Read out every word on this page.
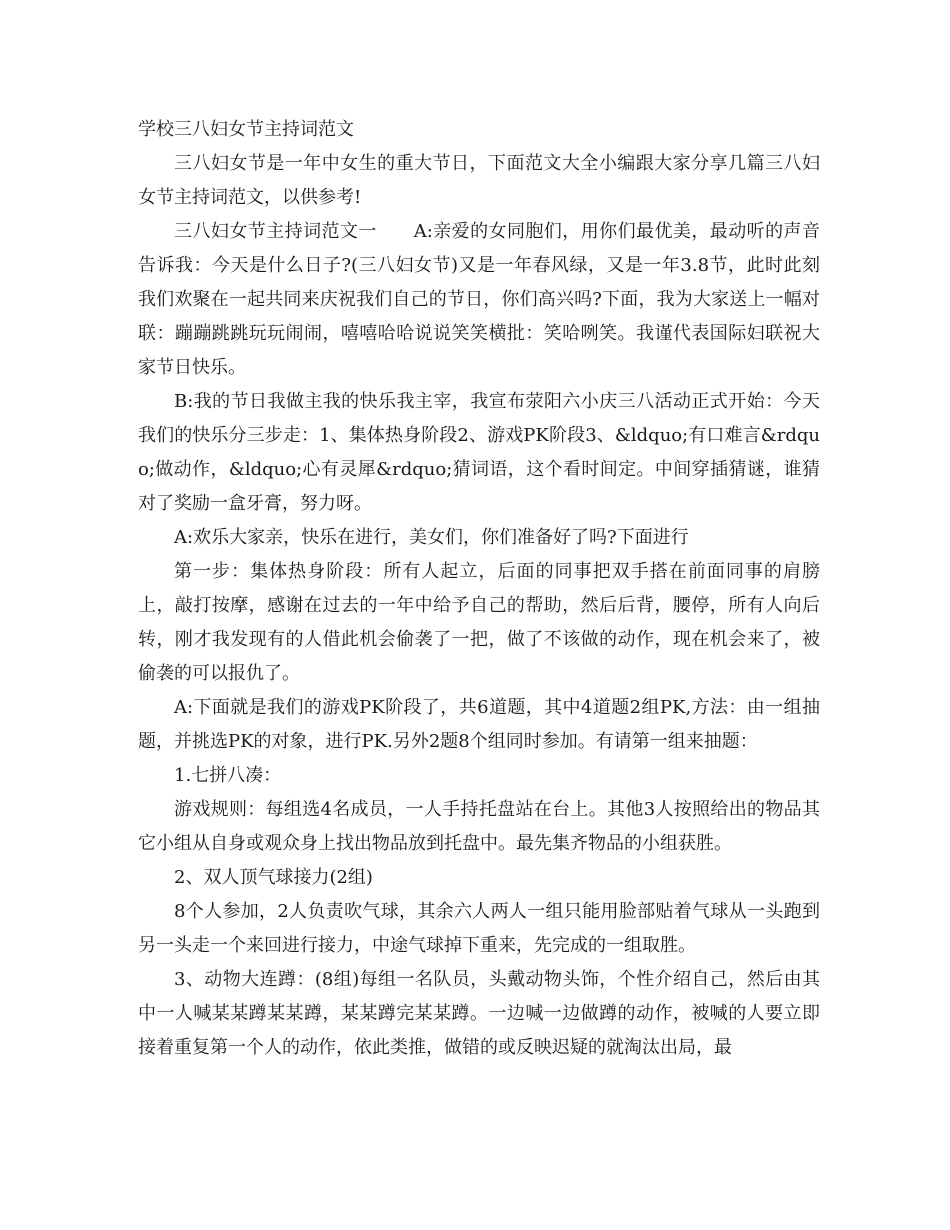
学校三八妇女节主持词范文

三八妇女节是一年中女生的重大节日，下面范文大全小编跟大家分享几篇三八妇女节主持词范文，以供参考!

三八妇女节主持词范文一　　A:亲爱的女同胞们，用你们最优美，最动听的声音告诉我：今天是什么日子?(三八妇女节)又是一年春风绿，又是一年3.8节，此时此刻我们欢聚在一起共同来庆祝我们自己的节日，你们高兴吗?下面，我为大家送上一幅对联：蹦蹦跳跳玩玩闹闹，嘻嘻哈哈说说笑笑横批：笑哈咧笑。我谨代表国际妇联祝大家节日快乐。

B:我的节日我做主我的快乐我主宰，我宣布荥阳六小庆三八活动正式开始：今天我们的快乐分三步走：1、集体热身阶段2、游戏PK阶段3、&ldquo;有口难言&rdquo;做动作，&ldquo;心有灵犀&rdquo;猜词语，这个看时间定。中间穿插猜谜，谁猜对了奖励一盒牙膏，努力呀。

A:欢乐大家亲，快乐在进行，美女们，你们准备好了吗?下面进行

第一步：集体热身阶段：所有人起立，后面的同事把双手搭在前面同事的肩膀上，敲打按摩，感谢在过去的一年中给予自己的帮助，然后后背，腰停，所有人向后转，刚才我发现有的人借此机会偷袭了一把，做了不该做的动作，现在机会来了，被偷袭的可以报仇了。

A:下面就是我们的游戏PK阶段了，共6道题，其中4道题2组PK,方法：由一组抽题，并挑选PK的对象，进行PK.另外2题8个组同时参加。有请第一组来抽题：

1.七拼八凑：

游戏规则：每组选4名成员，一人手持托盘站在台上。其他3人按照给出的物品其它小组从自身或观众身上找出物品放到托盘中。最先集齐物品的小组获胜。

2、双人顶气球接力(2组)

8个人参加，2人负责吹气球，其余六人两人一组只能用脸部贴着气球从一头跑到另一头走一个来回进行接力，中途气球掉下重来，先完成的一组取胜。

3、动物大连蹲：(8组)每组一名队员，头戴动物头饰，个性介绍自己，然后由其中一人喊某某蹲某某蹲，某某蹲完某某蹲。一边喊一边做蹲的动作，被喊的人要立即接着重复第一个人的动作，依此类推，做错的或反映迟疑的就淘汰出局，最
